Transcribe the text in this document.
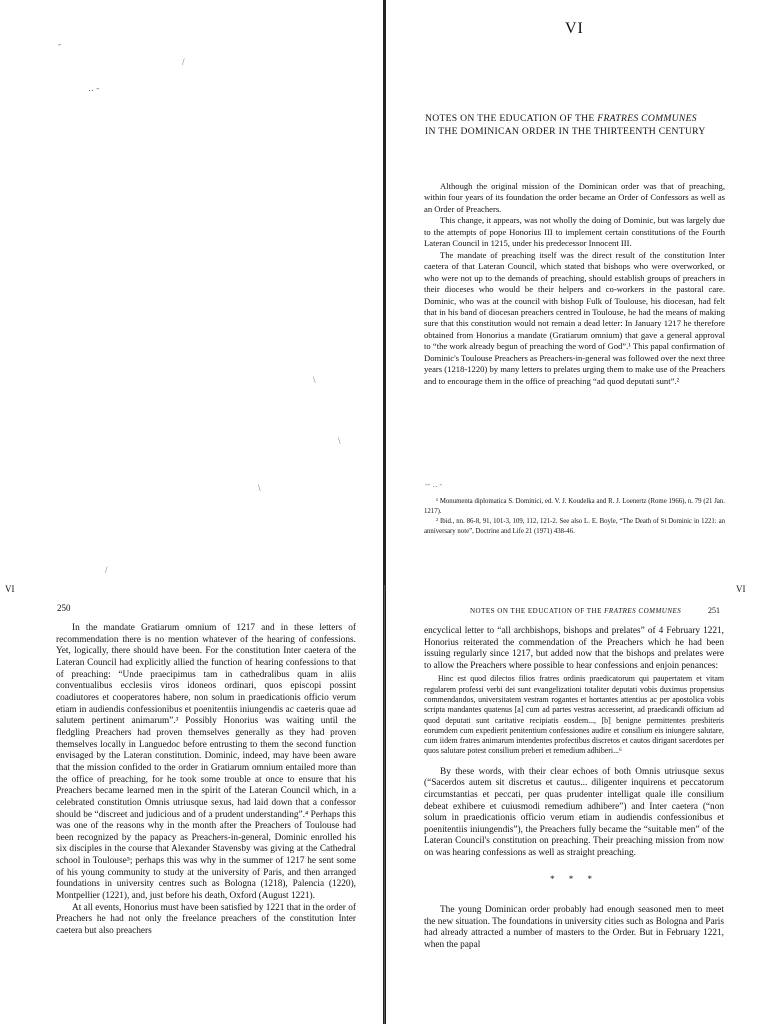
-
/
‥ -
\
\
\
/
VI
NOTES ON THE EDUCATION OF THE FRATRES COMMUNES
IN THE DOMINICAN ORDER IN THE THIRTEENTH CENTURY

Although the original mission of the Dominican order was that of preaching, within four years of its foundation the order became an Order of Confessors as well as an Order of Preachers.

This change, it appears, was not wholly the doing of Dominic, but was largely due to the attempts of pope Honorius III to implement certain constitutions of the Fourth Lateran Council in 1215, under his predecessor Innocent III.

The mandate of preaching itself was the direct result of the constitution Inter caetera of that Lateran Council, which stated that bishops who were overworked, or who were not up to the demands of preaching, should establish groups of preachers in their dioceses who would be their helpers and co-workers in the pastoral care. Dominic, who was at the council with bishop Fulk of Toulouse, his diocesan, had felt that in his band of diocesan preachers centred in Toulouse, he had the means of making sure that this constitution would not remain a dead letter: In January 1217 he therefore obtained from Honorius a mandate (Gratiarum omnium) that gave a general approval to “the work already begun of preaching the word of God”.¹ This papal confirmation of Dominic's Toulouse Preachers as Preachers-in-general was followed over the next three years (1218-1220) by many letters to prelates urging them to make use of the Preachers and to encourage them in the office of preaching “ad quod deputati sunt”.²

-- ‥ -

¹ Monumenta diplomatica S. Dominici, ed. V. J. Koudelka and R. J. Loenertz (Rome 1966), n. 79 (21 Jan. 1217).

² Ibid., nn. 86-8, 91, 101-3, 109, 112, 121-2. See also L. E. Boyle, “The Death of St Dominic in 1221: an anniversary note”, Doctrine and Life 21 (1971) 438-46.

VI	VI
250	NOTES ON THE EDUCATION OF THE FRATRES COMMUNES	251

In the mandate Gratiarum omnium of 1217 and in these letters of recommendation there is no mention whatever of the hearing of confessions. Yet, logically, there should have been. For the constitution Inter caetera of the Lateran Council had explicitly allied the function of hearing confessions to that of preaching: “Unde praecipimus tam in cathedralibus quam in aliis conventualibus ecclesiis viros idoneos ordinari, quos episcopi possint coadiutores et cooperatores habere, non solum in praedicationis officio verum etiam in audiendis confessionibus et poenitentiis iniungendis ac caeteris quae ad salutem pertinent animarum”.³ Possibly Honorius was waiting until the fledgling Preachers had proven themselves generally as they had proven themselves locally in Languedoc before entrusting to them the second function envisaged by the Lateran constitution. Dominic, indeed, may have been aware that the mission confided to the order in Gratiarum omnium entailed more than the office of preaching, for he took some trouble at once to ensure that his Preachers became learned men in the spirit of the Lateran Council which, in a celebrated constitution Omnis utriusque sexus, had laid down that a confessor should be “discreet and judicious and of a prudent understanding”.⁴ Perhaps this was one of the reasons why in the month after the Preachers of Toulouse had been recognized by the papacy as Preachers-in-general, Dominic enrolled his six disciples in the course that Alexander Stavensby was giving at the Cathedral school in Toulouse⁵; perhaps this was why in the summer of 1217 he sent some of his young community to study at the university of Paris, and then arranged foundations in university centres such as Bologna (1218), Palencia (1220), Montpellier (1221), and, just before his death, Oxford (August 1221).

At all events, Honorius must have been satisfied by 1221 that in the order of Preachers he had not only the freelance preachers of the constitution Inter caetera but also preachers

encyclical letter to “all archbishops, bishops and prelates” of 4 February 1221, Honorius reiterated the commendation of the Preachers which he had been issuing regularly since 1217, but added now that the bishops and prelates were to allow the Preachers where possible to hear confessions and enjoin penances:

Hinc est quod dilectos filios fratres ordinis praedicatorum qui paupertatem et vitam regularem professi verbi dei sunt evangelizationi totaliter deputati vobis duximus propensius commendandos, universitatem vestram rogantes et hortantes attentius ac per apostolica vobis scripta mandantes quatenus [a] cum ad partes vestras accesserint, ad praedicandi officium ad quod deputati sunt caritative recipiatis eosdem..., [b] benigne permittentes presbiteris eorumdem cum expedierit penitentium confessiones audire et consilium eis iniungere salutare, cum iidem fratres animarum intendentes profectibus discretos et cautos dirigant sacerdotes per quos salutare potest consilium preberi et remedium adhiberi...⁶

By these words, with their clear echoes of both Omnis utriusque sexus (“Sacerdos autem sit discretus et cautus... diligenter inquirens et peccatorum circumstantias et peccati, per quas prudenter intelligat quale ille consilium debeat exhibere et cuiusmodi remedium adhibere”) and Inter caetera (“non solum in praedicationis officio verum etiam in audiendis confessionibus et poenitentiis iniungendis”), the Preachers fully became the “suitable men” of the Lateran Council's constitution on preaching. Their preaching mission from now on was hearing confessions as well as straight preaching.

* * *

The young Dominican order probably had enough seasoned men to meet the new situation. The foundations in university cities such as Bologna and Paris had already attracted a number of masters to the Order. But in February 1221, when the papal
